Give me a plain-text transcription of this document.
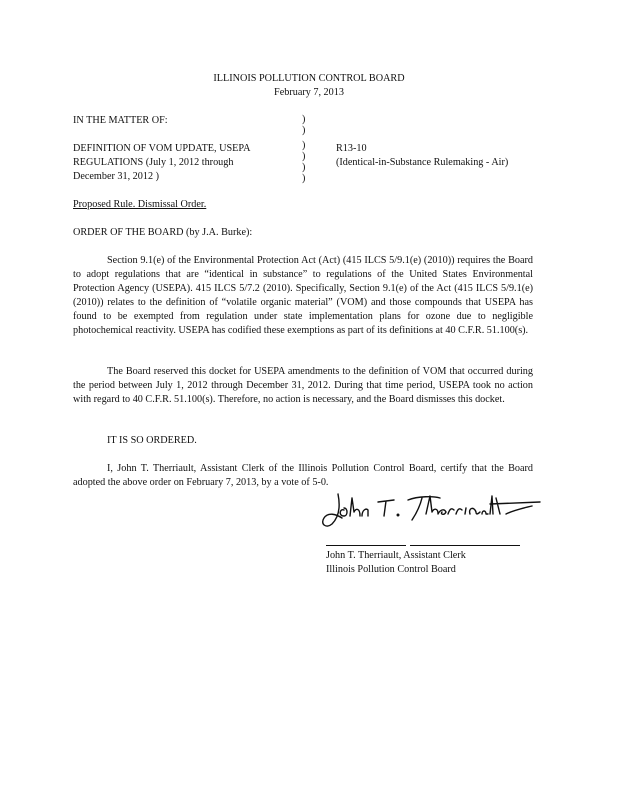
ILLINOIS POLLUTION CONTROL BOARD
February 7, 2013
IN THE MATTER OF:
DEFINITION OF VOM UPDATE, USEPA
REGULATIONS (July 1, 2012 through
December 31, 2012 )
)
)
)
)
)
)
R13-10
(Identical-in-Substance Rulemaking - Air)
Proposed Rule. Dismissal Order.
ORDER OF THE BOARD (by J.A. Burke):

Section 9.1(e) of the Environmental Protection Act (Act) (415 ILCS 5/9.1(e) (2010)) requires the Board to adopt regulations that are “identical in substance” to regulations of the United States Environmental Protection Agency (USEPA). 415 ILCS 5/7.2 (2010). Specifically, Section 9.1(e) of the Act (415 ILCS 5/9.1(e) (2010)) relates to the definition of “volatile organic material” (VOM) and those compounds that USEPA has found to be exempted from regulation under state implementation plans for ozone due to negligible photochemical reactivity. USEPA has codified these exemptions as part of its definitions at 40 C.F.R. 51.100(s).

The Board reserved this docket for USEPA amendments to the definition of VOM that occurred during the period between July 1, 2012 through December 31, 2012. During that time period, USEPA took no action with regard to 40 C.F.R. 51.100(s). Therefore, no action is necessary, and the Board dismisses this docket.

IT IS SO ORDERED.

I, John T. Therriault, Assistant Clerk of the Illinois Pollution Control Board, certify that the Board adopted the above order on February 7, 2013, by a vote of 5-0.

John T. Therriault, Assistant Clerk
Illinois Pollution Control Board
